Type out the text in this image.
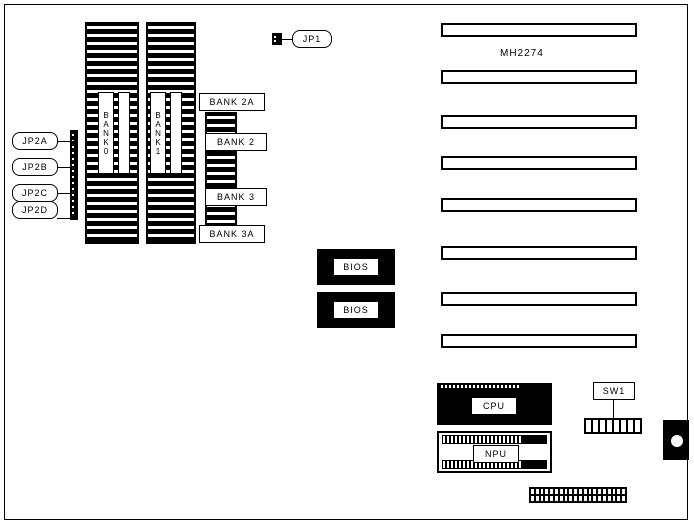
MH2274
B
A
N
K
0
B
A
N
K
1
JP1
JP2A
JP2B
JP2C
JP2D
BANK 2A
BANK 2
BANK 3
BANK 3A
BIOS
BIOS
CPU
NPU
SW1
